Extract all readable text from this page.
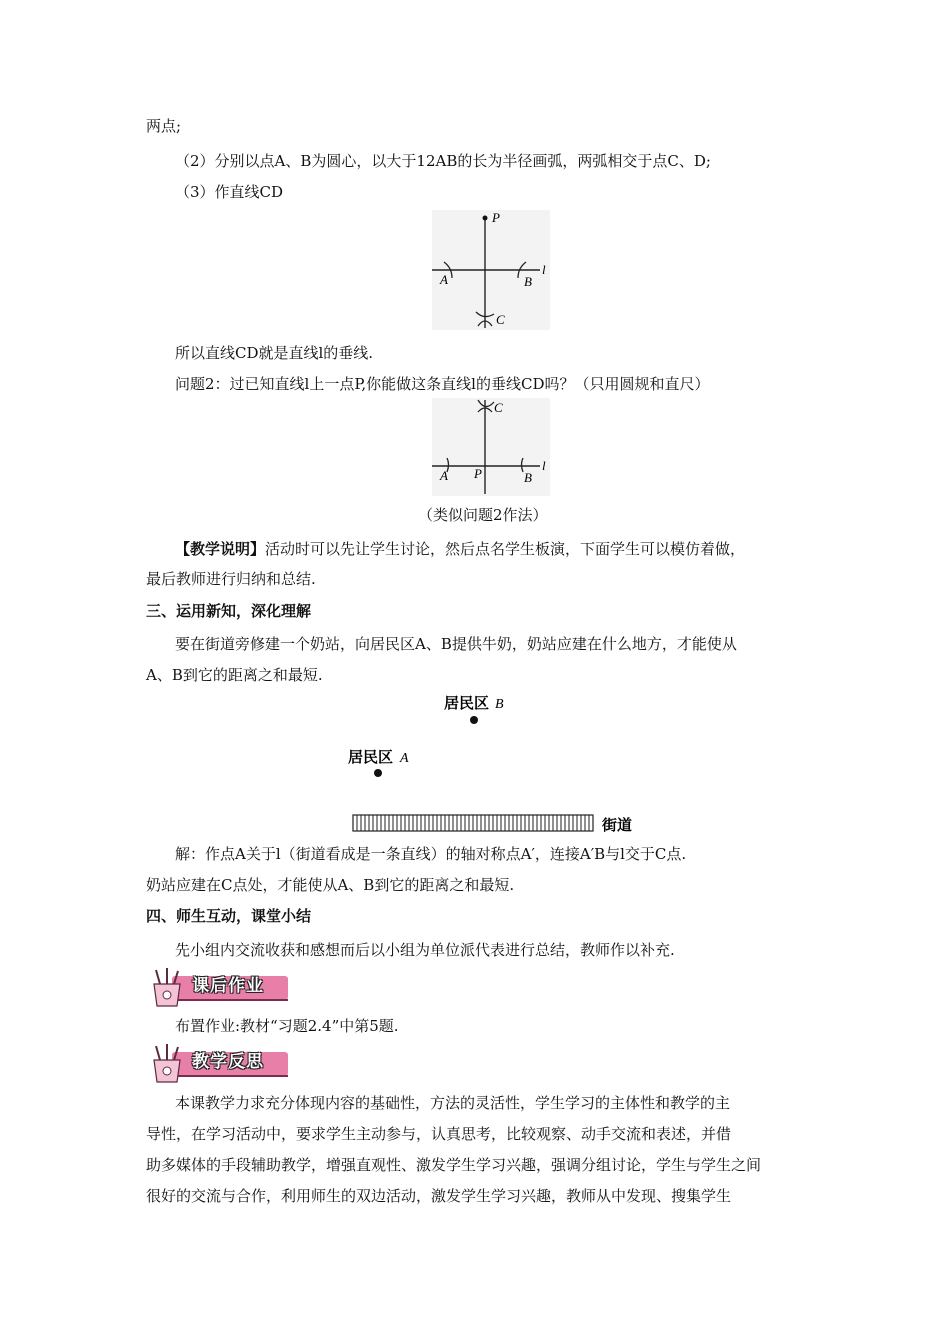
两点;
（2）分别以点A、B为圆心，以大于12AB的长为半径画弧，两弧相交于点C、D;
（3）作直线CD
P
A	B
C
l
所以直线CD就是直线l的垂线.
问题2：过已知直线l上一点P,你能做这条直线l的垂线CD吗？（只用圆规和直尺）
C
A P	B
l
（类似问题2作法）
【教学说明】活动时可以先让学生讨论，然后点名学生板演，下面学生可以模仿着做，
最后教师进行归纳和总结.
三、运用新知，深化理解
要在街道旁修建一个奶站，向居民区A、B提供牛奶，奶站应建在什么地方，才能使从
A、B到它的距离之和最短.
居民区 B
居民区 A
街道
解：作点A关于l（街道看成是一条直线）的轴对称点A′，连接A′B与l交于C点.
奶站应建在C点处，才能使从A、B到它的距离之和最短.
四、师生互动，课堂小结
先小组内交流收获和感想而后以小组为单位派代表进行总结，教师作以补充.
课后作业
布置作业:教材“习题2.4”中第5题.
教学反思
本课教学力求充分体现内容的基础性，方法的灵活性，学生学习的主体性和教学的主
导性，在学习活动中，要求学生主动参与，认真思考，比较观察、动手交流和表述，并借
助多媒体的手段辅助教学，增强直观性、激发学生学习兴趣，强调分组讨论，学生与学生之间
很好的交流与合作，利用师生的双边活动，激发学生学习兴趣，教师从中发现、搜集学生
